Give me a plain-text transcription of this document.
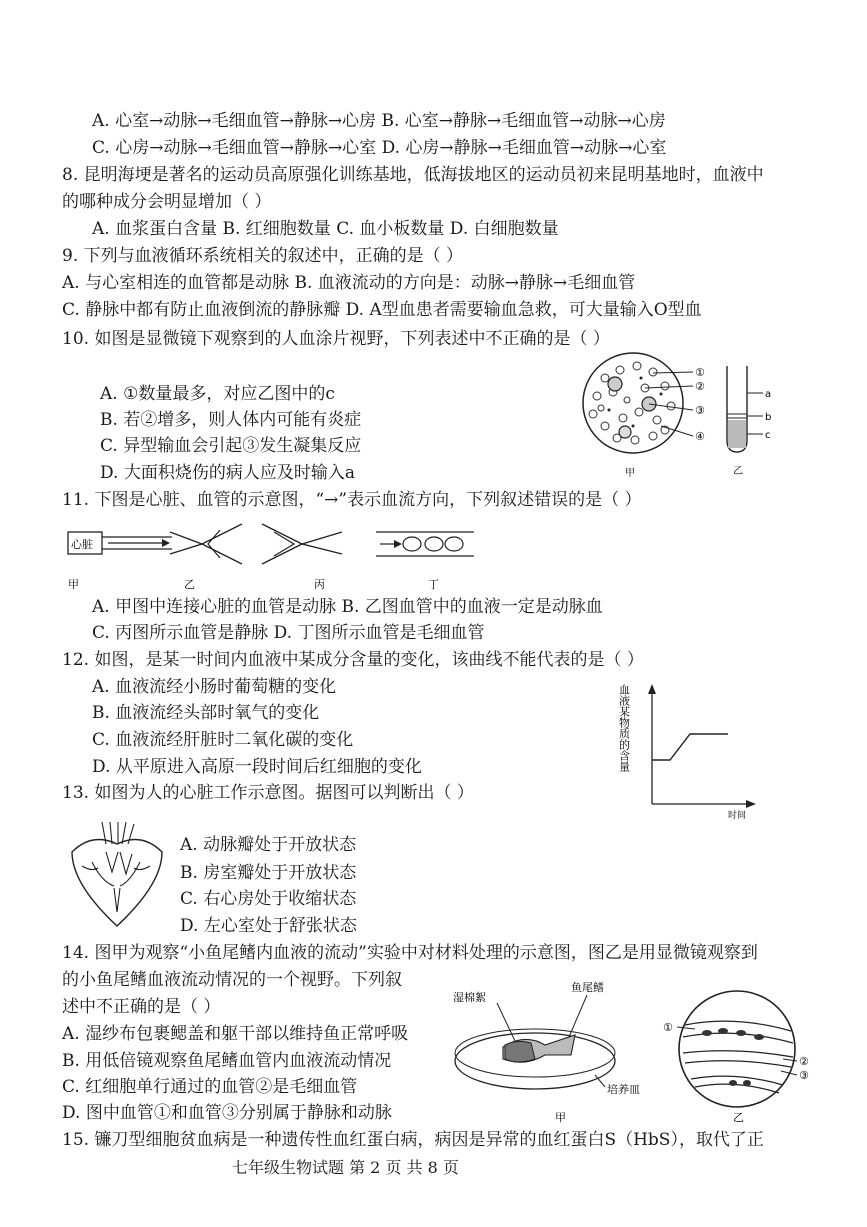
A. 心室→动脉→毛细血管→静脉→心房 B. 心室→静脉→毛细血管→动脉→心房
C. 心房→动脉→毛细血管→静脉→心室 D. 心房→静脉→毛细血管→动脉→心室
8. 昆明海埂是著名的运动员高原强化训练基地，低海拔地区的运动员初来昆明基地时，血液中
的哪种成分会明显增加（ ）
A. 血浆蛋白含量 B. 红细胞数量 C. 血小板数量 D. 白细胞数量
9. 下列与血液循环系统相关的叙述中，正确的是（ ）
A. 与心室相连的血管都是动脉 B. 血液流动的方向是：动脉→静脉→毛细血管
C. 静脉中都有防止血液倒流的静脉瓣 D. A型血患者需要输血急救，可大量输入O型血
10. 如图是显微镜下观察到的人血涂片视野，下列表述中不正确的是（ ）
A. ①数量最多，对应乙图中的c
B. 若②增多，则人体内可能有炎症
C. 异型输血会引起③发生凝集反应
D. 大面积烧伤的病人应及时输入a
11. 下图是心脏、血管的示意图，“→”表示血流方向，下列叙述错误的是（ ）
A. 甲图中连接心脏的血管是动脉 B. 乙图血管中的血液一定是动脉血
C. 丙图所示血管是静脉 D. 丁图所示血管是毛细血管
12. 如图，是某一时间内血液中某成分含量的变化，该曲线不能代表的是（ ）
A. 血液流经小肠时葡萄糖的变化
B. 血液流经头部时氧气的变化
C. 血液流经肝脏时二氧化碳的变化
D. 从平原进入高原一段时间后红细胞的变化
13. 如图为人的心脏工作示意图。据图可以判断出（ ）
A. 动脉瓣处于开放状态
B. 房室瓣处于开放状态
C. 右心房处于收缩状态
D. 左心室处于舒张状态
14. 图甲为观察“小鱼尾鳍内血液的流动”实验中对材料处理的示意图，图乙是用显微镜观察到
的小鱼尾鳍血液流动情况的一个视野。下列叙
述中不正确的是（ ）
A. 湿纱布包裹鳃盖和躯干部以维持鱼正常呼吸
B. 用低倍镜观察鱼尾鳍血管内血液流动情况
C. 红细胞单行通过的血管②是毛细血管
D. 图中血管①和血管③分别属于静脉和动脉
15. 镰刀型细胞贫血病是一种遗传性血红蛋白病，病因是异常的血红蛋白S（HbS），取代了正
七年级生物试题 第 2 页 共 8 页
①
②
③
④
甲
a
b
c
乙
心脏
甲	乙	丙	丁
血液某物质的含量
时间
湿棉絮
鱼尾鳍
培养皿
甲
①
②
③
乙
